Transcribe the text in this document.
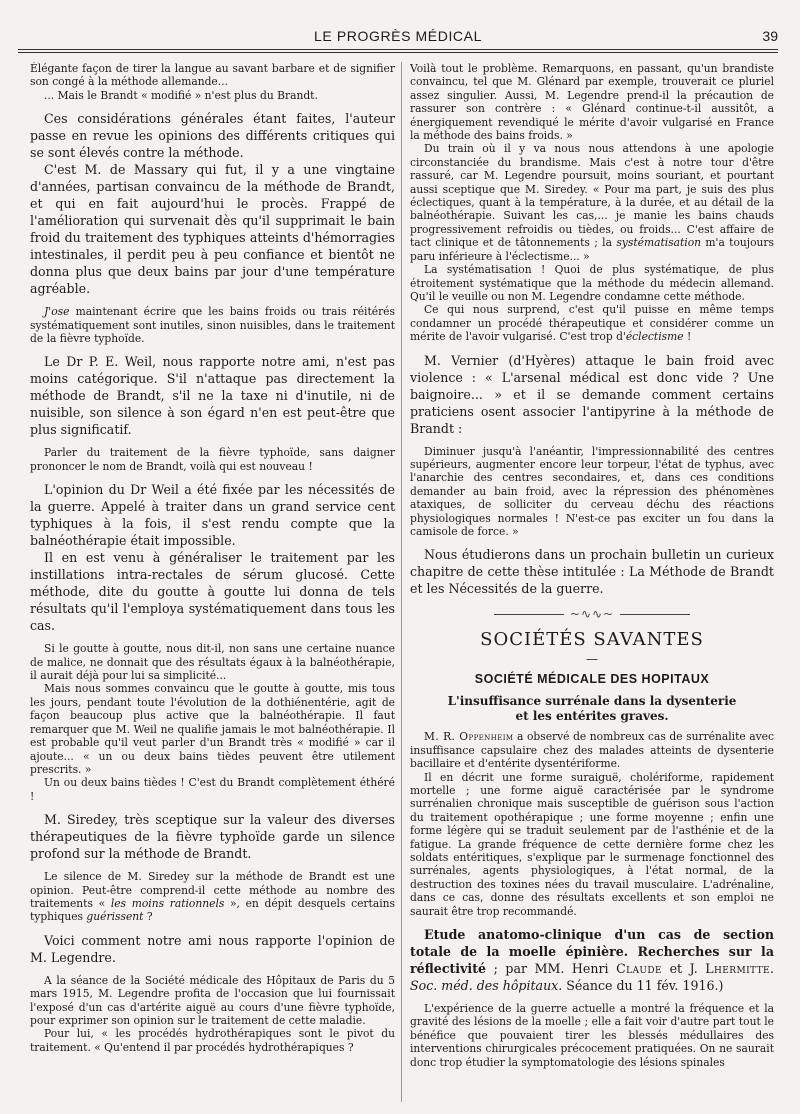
LE PROGRÈS MÉDICAL	39

Élégante façon de tirer la langue au savant barbare et de signifier son congé à la méthode allemande...

... Mais le Brandt « modifié » n'est plus du Brandt.

Ces considérations générales étant faites, l'auteur passe en revue les opinions des différents critiques qui se sont élevés contre la méthode.

C'est M. de Massary qui fut, il y a une vingtaine d'années, partisan convaincu de la méthode de Brandt, et qui en fait aujourd'hui le procès. Frappé de l'amélioration qui survenait dès qu'il supprimait le bain froid du traitement des typhiques atteints d'hémorragies intestinales, il perdit peu à peu confiance et bientôt ne donna plus que deux bains par jour d'une température agréable.

J'ose maintenant écrire que les bains froids ou trais réitérés systématiquement sont inutiles, sinon nuisibles, dans le traitement de la fièvre typhoïde.

Le Dr P. E. Weil, nous rapporte notre ami, n'est pas moins catégorique. S'il n'attaque pas directement la méthode de Brandt, s'il ne la taxe ni d'inutile, ni de nuisible, son silence à son égard n'en est peut-être que plus significatif.

Parler du traitement de la fièvre typhoïde, sans daigner prononcer le nom de Brandt, voilà qui est nouveau !

L'opinion du Dr Weil a été fixée par les nécessités de la guerre. Appelé à traiter dans un grand service cent typhiques à la fois, il s'est rendu compte que la balnéothérapie était impossible.

Il en est venu à généraliser le traitement par les instillations intra-rectales de sérum glucosé. Cette méthode, dite du goutte à goutte lui donna de tels résultats qu'il l'employa systématiquement dans tous les cas.

Si le goutte à goutte, nous dit-il, non sans une certaine nuance de malice, ne donnait que des résultats égaux à la balnéothérapie, il aurait déjà pour lui sa simplicité...

Mais nous sommes convaincu que le goutte à goutte, mis tous les jours, pendant toute l'évolution de la dothiénentérie, agit de façon beaucoup plus active que la balnéothérapie. Il faut remarquer que M. Weil ne qualifie jamais le mot balnéothérapie. Il est probable qu'il veut parler d'un Brandt très « modifié » car il ajoute... « un ou deux bains tièdes peuvent être utilement prescrits. »

Un ou deux bains tièdes ! C'est du Brandt complètement éthéré !

M. Siredey, très sceptique sur la valeur des diverses thérapeutiques de la fièvre typhoïde garde un silence profond sur la méthode de Brandt.

Le silence de M. Siredey sur la méthode de Brandt est une opinion. Peut-être comprend-il cette méthode au nombre des traitements « les moins rationnels », en dépit desquels certains typhiques guérissent ?

Voici comment notre ami nous rapporte l'opinion de M. Legendre.

A la séance de la Société médicale des Hôpitaux de Paris du 5 mars 1915, M. Legendre profita de l'occasion que lui fournissait l'exposé d'un cas d'artérite aiguë au cours d'une fièvre typhoïde, pour exprimer son opinion sur le traitement de cette maladie.

Pour lui, « les procédés hydrothérapiques sont le pivot du traitement. « Qu'entend il par procédés hydrothérapiques ?

Voilà tout le problème. Remarquons, en passant, qu'un brandiste convaincu, tel que M. Glénard par exemple, trouverait ce pluriel assez singulier. Aussi, M. Legendre prend-il la précaution de rassurer son contrère : « Glénard continue-t-il aussitôt, a énergiquement revendiqué le mérite d'avoir vulgarisé en France la méthode des bains froids. »

Du train où il y va nous nous attendons à une apologie circonstanciée du brandisme. Mais c'est à notre tour d'être rassuré, car M. Legendre poursuit, moins souriant, et pourtant aussi sceptique que M. Siredey. « Pour ma part, je suis des plus éclectiques, quant à la température, à la durée, et au détail de la balnéothérapie. Suivant les cas,... je manie les bains chauds progressivement refroidis ou tièdes, ou froids... C'est affaire de tact clinique et de tâtonnements ; la systématisation m'a toujours paru inférieure à l'éclectisme... »

La systématisation ! Quoi de plus systématique, de plus étroitement systématique que la méthode du médecin allemand. Qu'il le veuille ou non M. Legendre condamne cette méthode.

Ce qui nous surprend, c'est qu'il puisse en même temps condamner un procédé thérapeutique et considérer comme un mérite de l'avoir vulgarisé. C'est trop d'éclectisme !

M. Vernier (d'Hyères) attaque le bain froid avec violence : « L'arsenal médical est donc vide ? Une baignoire... » et il se demande comment certains praticiens osent associer l'antipyrine à la méthode de Brandt :

Diminuer jusqu'à l'anéantir, l'impressionnabilité des centres supérieurs, augmenter encore leur torpeur, l'état de typhus, avec l'anarchie des centres secondaires, et, dans ces conditions demander au bain froid, avec la répression des phénomènes ataxiques, de solliciter du cerveau déchu des réactions physiologiques normales ! N'est-ce pas exciter un fou dans la camisole de force. »

Nous étudierons dans un prochain bulletin un curieux chapitre de cette thèse intitulée : La Méthode de Brandt et les Nécessités de la guerre.

~∿∿~
SOCIÉTÉS SAVANTES
—
SOCIÉTÉ MÉDICALE DES HOPITAUX
L'insuffisance surrénale dans la dysenterie
et les entérites graves.

M. R. Oppenheim a observé de nombreux cas de surrénalite avec insuffisance capsulaire chez des malades atteints de dysenterie bacillaire et d'entérite dysentériforme.

Il en décrit une forme suraiguë, cholériforme, rapidement mortelle ; une forme aiguë caractérisée par le syndrome surrénalien chronique mais susceptible de guérison sous l'action du traitement opothérapique ; une forme moyenne ; enfin une forme légère qui se traduit seulement par de l'asthénie et de la fatigue. La grande fréquence de cette dernière forme chez les soldats entéritiques, s'explique par le surmenage fonctionnel des surrénales, agents physiologiques, à l'état normal, de la destruction des toxines nées du travail musculaire. L'adrénaline, dans ce cas, donne des résultats excellents et son emploi ne saurait être trop recommandé.

Etude anatomo-clinique d'un cas de section totale de la moelle épinière. Recherches sur la réflectivité ; par MM. Henri Claude et J. Lhermitte. Soc. méd. des hôpitaux. Séance du 11 fév. 1916.)

L'expérience de la guerre actuelle a montré la fréquence et la gravité des lésions de la moelle ; elle a fait voir d'autre part tout le bénéfice que pouvaient tirer les blessés médullaires des interventions chirurgicales précocement pratiquées. On ne saurait donc trop étudier la symptomatologie des lésions spinales
